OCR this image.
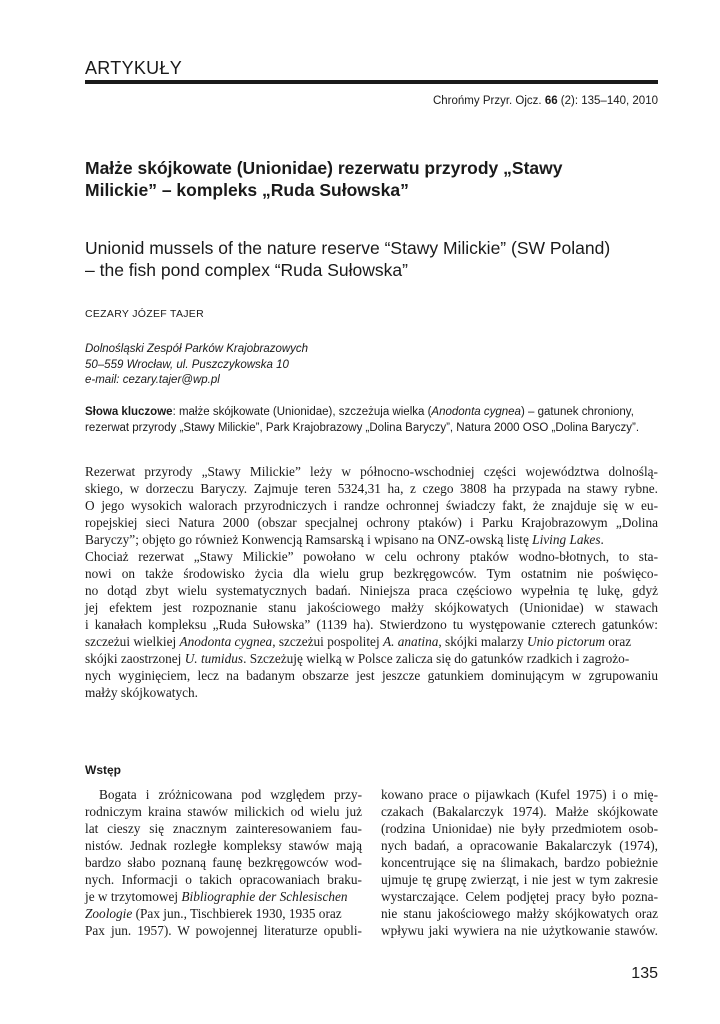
ARTYKUŁY
Chrońmy Przyr. Ojcz. 66 (2): 135–140, 2010
Małże skójkowate (Unionidae) rezerwatu przyrody „Stawy
Milickie” – kompleks „Ruda Sułowska”
Unionid mussels of the nature reserve “Stawy Milickie” (SW Poland)
– the fish pond complex “Ruda Sułowska”
CEZARY JÓZEF TAJER
Dolnośląski Zespół Parków Krajobrazowych
50–559 Wrocław, ul. Puszczykowska 10
e-mail: cezary.tajer@wp.pl
Słowa kluczowe: małże skójkowate (Unionidae), szczeżuja wielka (Anodonta cygnea) – gatunek chroniony, rezerwat przyrody „Stawy Milickie”, Park Krajobrazowy „Dolina Baryczy”, Natura 2000 OSO „Dolina Baryczy”.
Rezerwat przyrody „Stawy Milickie” leży w północno-wschodniej części województwa dolnoślą-
skiego, w dorzeczu Baryczy. Zajmuje teren 5324,31 ha, z czego 3808 ha przypada na stawy rybne.
O jego wysokich walorach przyrodniczych i randze ochronnej świadczy fakt, że znajduje się w eu-
ropejskiej sieci Natura 2000 (obszar specjalnej ochrony ptaków) i Parku Krajobrazowym „Dolina
Baryczy”; objęto go również Konwencją Ramsarską i wpisano na ONZ-owską listę Living Lakes.
Chociaż rezerwat „Stawy Milickie” powołano w celu ochrony ptaków wodno-błotnych, to sta-
nowi on także środowisko życia dla wielu grup bezkręgowców. Tym ostatnim nie poświęco-
no dotąd zbyt wielu systematycznych badań. Niniejsza praca częściowo wypełnia tę lukę, gdyż
jej efektem jest rozpoznanie stanu jakościowego małży skójkowatych (Unionidae) w stawach
i kanałach kompleksu „Ruda Sułowska” (1139 ha). Stwierdzono tu występowanie czterech gatunków:
szczeżui wielkiej Anodonta cygnea, szczeżui pospolitej A. anatina, skójki malarzy Unio pictorum oraz
skójki zaostrzonej U. tumidus. Szczeżuję wielką w Polsce zalicza się do gatunków rzadkich i zagrożo-
nych wyginięciem, lecz na badanym obszarze jest jeszcze gatunkiem dominującym w zgrupowaniu
małży skójkowatych.
Wstęp
Bogata i zróżnicowana pod względem przy-
rodniczym kraina stawów milickich od wielu już
lat cieszy się znacznym zainteresowaniem fau-
nistów. Jednak rozległe kompleksy stawów mają
bardzo słabo poznaną faunę bezkręgowców wod-
nych. Informacji o takich opracowaniach braku-
je w trzytomowej Bibliographie der Schlesischen
Zoologie (Pax jun., Tischbierek 1930, 1935 oraz
Pax jun. 1957). W powojennej literaturze opubli-
kowano prace o pijawkach (Kufel 1975) i o mię-
czakach (Bakalarczyk 1974). Małże skójkowate
(rodzina Unionidae) nie były przedmiotem osob-
nych badań, a opracowanie Bakalarczyk (1974),
koncentrujące się na ślimakach, bardzo pobieżnie
ujmuje tę grupę zwierząt, i nie jest w tym zakresie
wystarczające. Celem podjętej pracy było pozna-
nie stanu jakościowego małży skójkowatych oraz
wpływu jaki wywiera na nie użytkowanie stawów.
135
